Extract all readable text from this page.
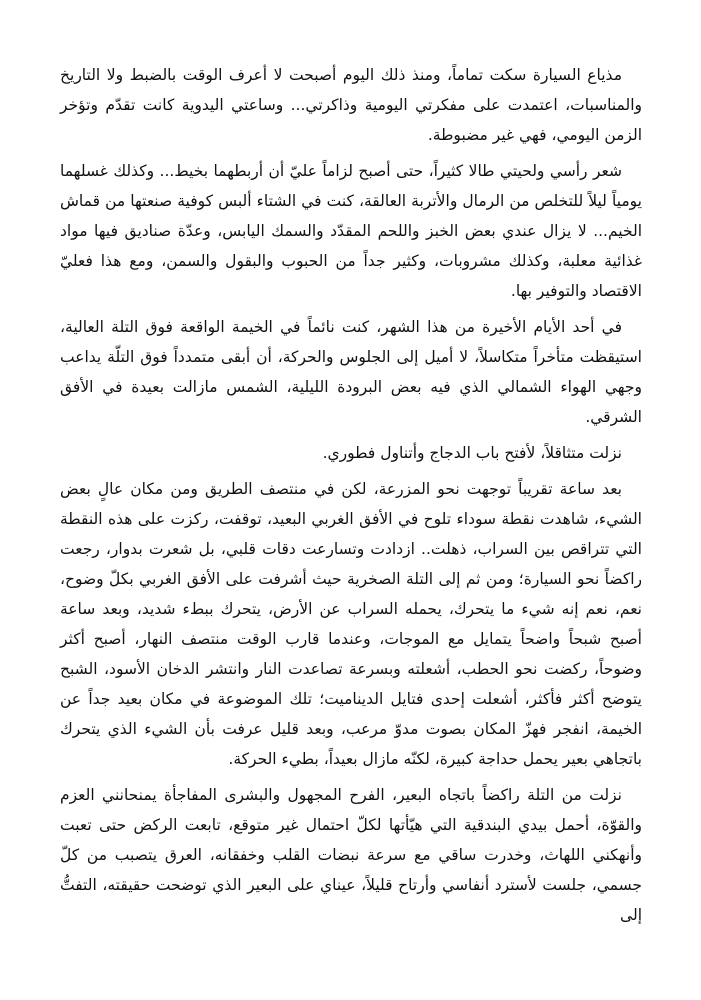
مذياع السيارة سكت تماماً، ومنذ ذلك اليوم أصبحت لا أعرف الوقت بالضبط ولا التاريخ والمناسبات، اعتمدت على مفكرتي اليومية وذاكرتي... وساعتي اليدوية كانت تقدّم وتؤخر الزمن اليومي، فهي غير مضبوطة.

شعر رأسي ولحيتي طالا كثيراً، حتى أصبح لزاماً عليّ أن أربطهما بخيط... وكذلك غسلهما يومياً ليلاً للتخلص من الرمال والأتربة العالقة، كنت في الشتاء ألبس كوفية صنعتها من قماش الخيم... لا يزال عندي بعض الخبز واللحم المقدّد والسمك اليابس، وعدّة صناديق فيها مواد غذائية معلبة، وكذلك مشروبات، وكثير جداً من الحبوب والبقول والسمن، ومع هذا فعليّ الاقتصاد والتوفير بها.

في أحد الأيام الأخيرة من هذا الشهر، كنت نائماً في الخيمة الواقعة فوق التلة العالية، استيقظت متأخراً متكاسلاً، لا أميل إلى الجلوس والحركة، أن أبقى متمدداً فوق التلّة يداعب وجهي الهواء الشمالي الذي فيه بعض البرودة الليلية، الشمس مازالت بعيدة في الأفق الشرقي.

نزلت متثاقلاً، لأفتح باب الدجاج وأتناول فطوري.

بعد ساعة تقريباً توجهت نحو المزرعة، لكن في منتصف الطريق ومن مكان عالٍ بعض الشيء، شاهدت نقطة سوداء تلوح في الأفق الغربي البعيد، توقفت، ركزت على هذه النقطة التي تتراقص بين السراب، ذهلت.. ازدادت وتسارعت دقات قلبي، بل شعرت بدوار، رجعت راكضاً نحو السيارة؛ ومن ثم إلى التلة الصخرية حيث أشرفت على الأفق الغربي بكلّ وضوح، نعم، نعم إنه شيء ما يتحرك، يحمله السراب عن الأرض، يتحرك ببطء شديد، وبعد ساعة أصبح شبحاً واضحاً يتمايل مع الموجات، وعندما قارب الوقت منتصف النهار، أصبح أكثر وضوحاً، ركضت نحو الحطب، أشعلته وبسرعة تصاعدت النار وانتشر الدخان الأسود، الشبح يتوضح أكثر فأكثر، أشعلت إحدى فتايل الديناميت؛ تلك الموضوعة في مكان بعيد جداً عن الخيمة، انفجر فهزّ المكان بصوت مدوّ مرعب، وبعد قليل عرفت بأن الشيء الذي يتحرك باتجاهي بعير يحمل حداجة كبيرة، لكنّه مازال بعيداً، بطيء الحركة.

نزلت من التلة راكضاً باتجاه البعير، الفرح المجهول والبشرى المفاجأة يمنحانني العزم والقوّة، أحمل بيدي البندقية التي هيّأتها لكلّ احتمال غير متوقع، تابعت الركض حتى تعبت وأنهكني اللهاث، وخدرت ساقي مع سرعة نبضات القلب وخفقانه، العرق يتصبب من كلّ جسمي، جلست لأسترد أنفاسي وأرتاح قليلاً، عيناي على البعير الذي توضحت حقيقته، التفتُّ إلى
